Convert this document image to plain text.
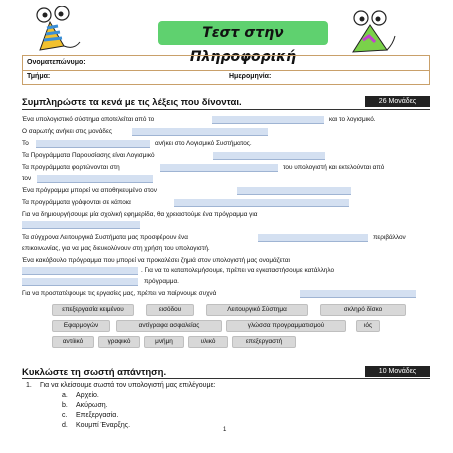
Τεστ στην Πληροφορική
Ονοματεπώνυμο:
Τμήμα:	Ημερομηνία:
Συμπληρώστε τα κενά με τις λέξεις που δίνονται.	26 Μονάδες
Ένα υπολογιστικό σύστημα αποτελείται από το	και το λογισμικό.
Ο σαρωτής ανήκει στις μονάδες
Το	ανήκει στο Λογισμικό Συστήματος.
Τα Προγράμματα Παρουσίασης είναι Λογισμικό
Τα προγράμματα φορτώνονται στη	του υπολογιστή και εκτελούνται από
τον
Ένα πρόγραμμα μπορεί να αποθηκευμένο στον
Τα προγράμματα γράφονται σε κάποια
Για να δημιουργήσουμε μία σχολική εφημερίδα, θα χρειαστούμε ένα πρόγραμμα για
Τα σύγχρονα Λειτουργικά Συστήματα μας προσφέρουν ένα	περιβάλλον
επικοινωνίας, για να μας διευκολύνουν στη χρήση του υπολογιστή.
Ένα κακόβουλο πρόγραμμα που μπορεί να προκαλέσει ζημιά στον υπολογιστή μας ονομάζεται
. Για να το καταπολεμήσουμε, πρέπει να εγκαταστήσουμε κατάλληλο
πρόγραμμα.
Για να προστατέψουμε τις εργασίες μας, πρέπει να παίρνουμε συχνά
επεξεργασία κειμένου	εισόδου	Λειτουργικό Σύστημα	σκληρό δίσκο
Εφαρμογών	αντίγραφα ασφαλείας	γλώσσα προγραμματισμού	ιός
αντιϊικό	γραφικό	μνήμη	υλικό	επεξεργαστή
Κυκλώστε τη σωστή απάντηση.	10 Μονάδες
1. Για να κλείσουμε σωστά τον υπολογιστή μας επιλέγουμε:
a. Αρχείο.
b. Ακύρωση.
c. Επεξεργασία.
d. Κουμπί Έναρξης.
1
